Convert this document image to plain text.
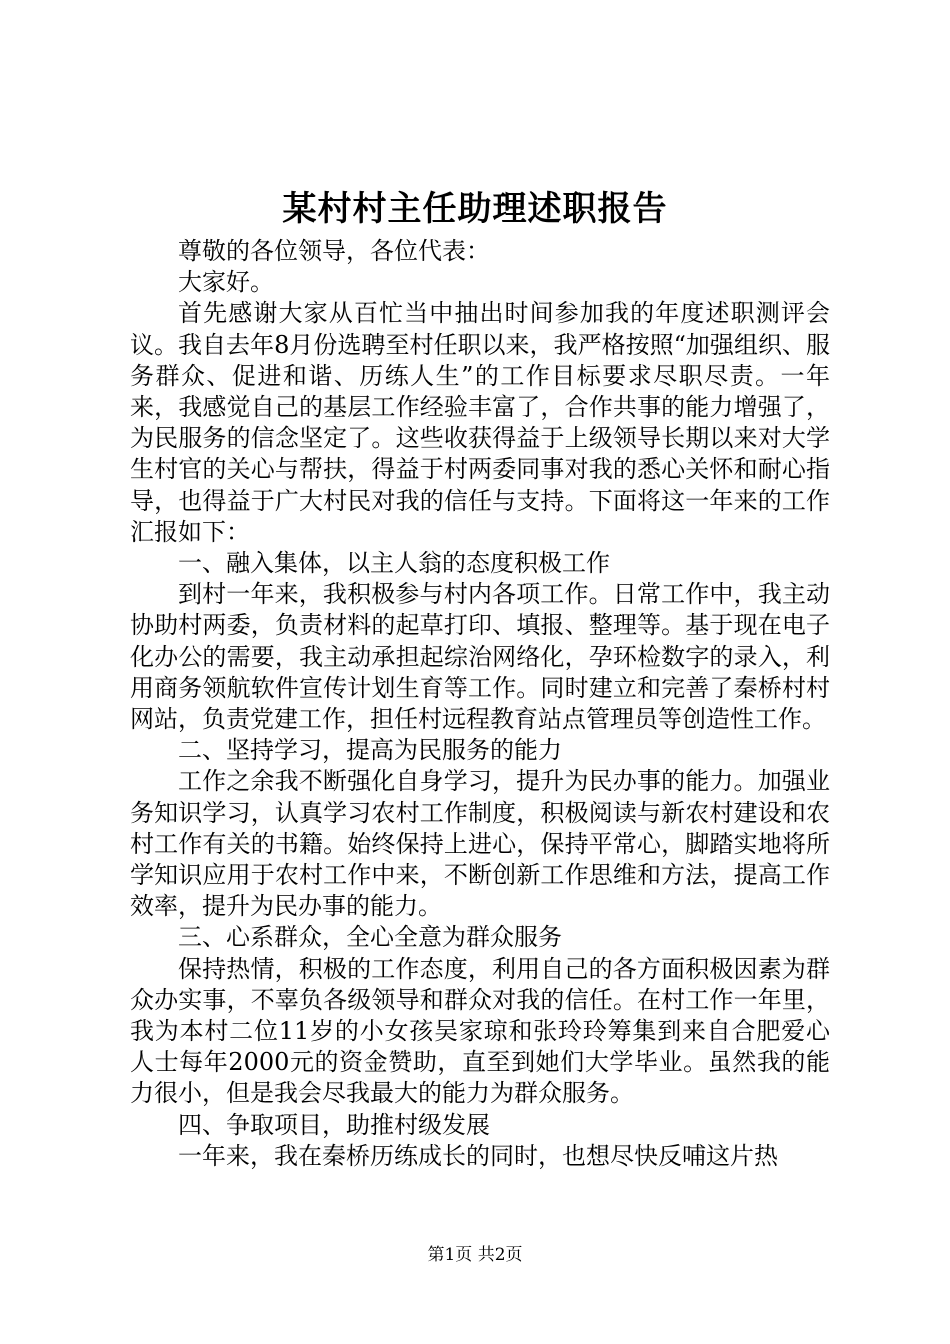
某村村主任助理述职报告

尊敬的各位领导，各位代表：

大家好。

首先感谢大家从百忙当中抽出时间参加我的年度述职测评会议。我自去年8月份选聘至村任职以来，我严格按照“加强组织、服务群众、促进和谐、历练人生”的工作目标要求尽职尽责。一年来，我感觉自己的基层工作经验丰富了，合作共事的能力增强了，为民服务的信念坚定了。这些收获得益于上级领导长期以来对大学生村官的关心与帮扶，得益于村两委同事对我的悉心关怀和耐心指导，也得益于广大村民对我的信任与支持。下面将这一年来的工作汇报如下：

一、融入集体，以主人翁的态度积极工作

到村一年来，我积极参与村内各项工作。日常工作中，我主动协助村两委，负责材料的起草打印、填报、整理等。基于现在电子化办公的需要，我主动承担起综治网络化，孕环检数字的录入，利用商务领航软件宣传计划生育等工作。同时建立和完善了秦桥村村网站，负责党建工作，担任村远程教育站点管理员等创造性工作。

二、坚持学习，提高为民服务的能力

工作之余我不断强化自身学习，提升为民办事的能力。加强业务知识学习，认真学习农村工作制度，积极阅读与新农村建设和农村工作有关的书籍。始终保持上进心，保持平常心，脚踏实地将所学知识应用于农村工作中来，不断创新工作思维和方法，提高工作效率，提升为民办事的能力。

三、心系群众，全心全意为群众服务

保持热情，积极的工作态度，利用自己的各方面积极因素为群众办实事，不辜负各级领导和群众对我的信任。在村工作一年里，我为本村二位11岁的小女孩吴家琼和张玲玲筹集到来自合肥爱心人士每年2000元的资金赞助，直至到她们大学毕业。虽然我的能力很小，但是我会尽我最大的能力为群众服务。

四、争取项目，助推村级发展

一年来，我在秦桥历练成长的同时，也想尽快反哺这片热

第1页 共2页
